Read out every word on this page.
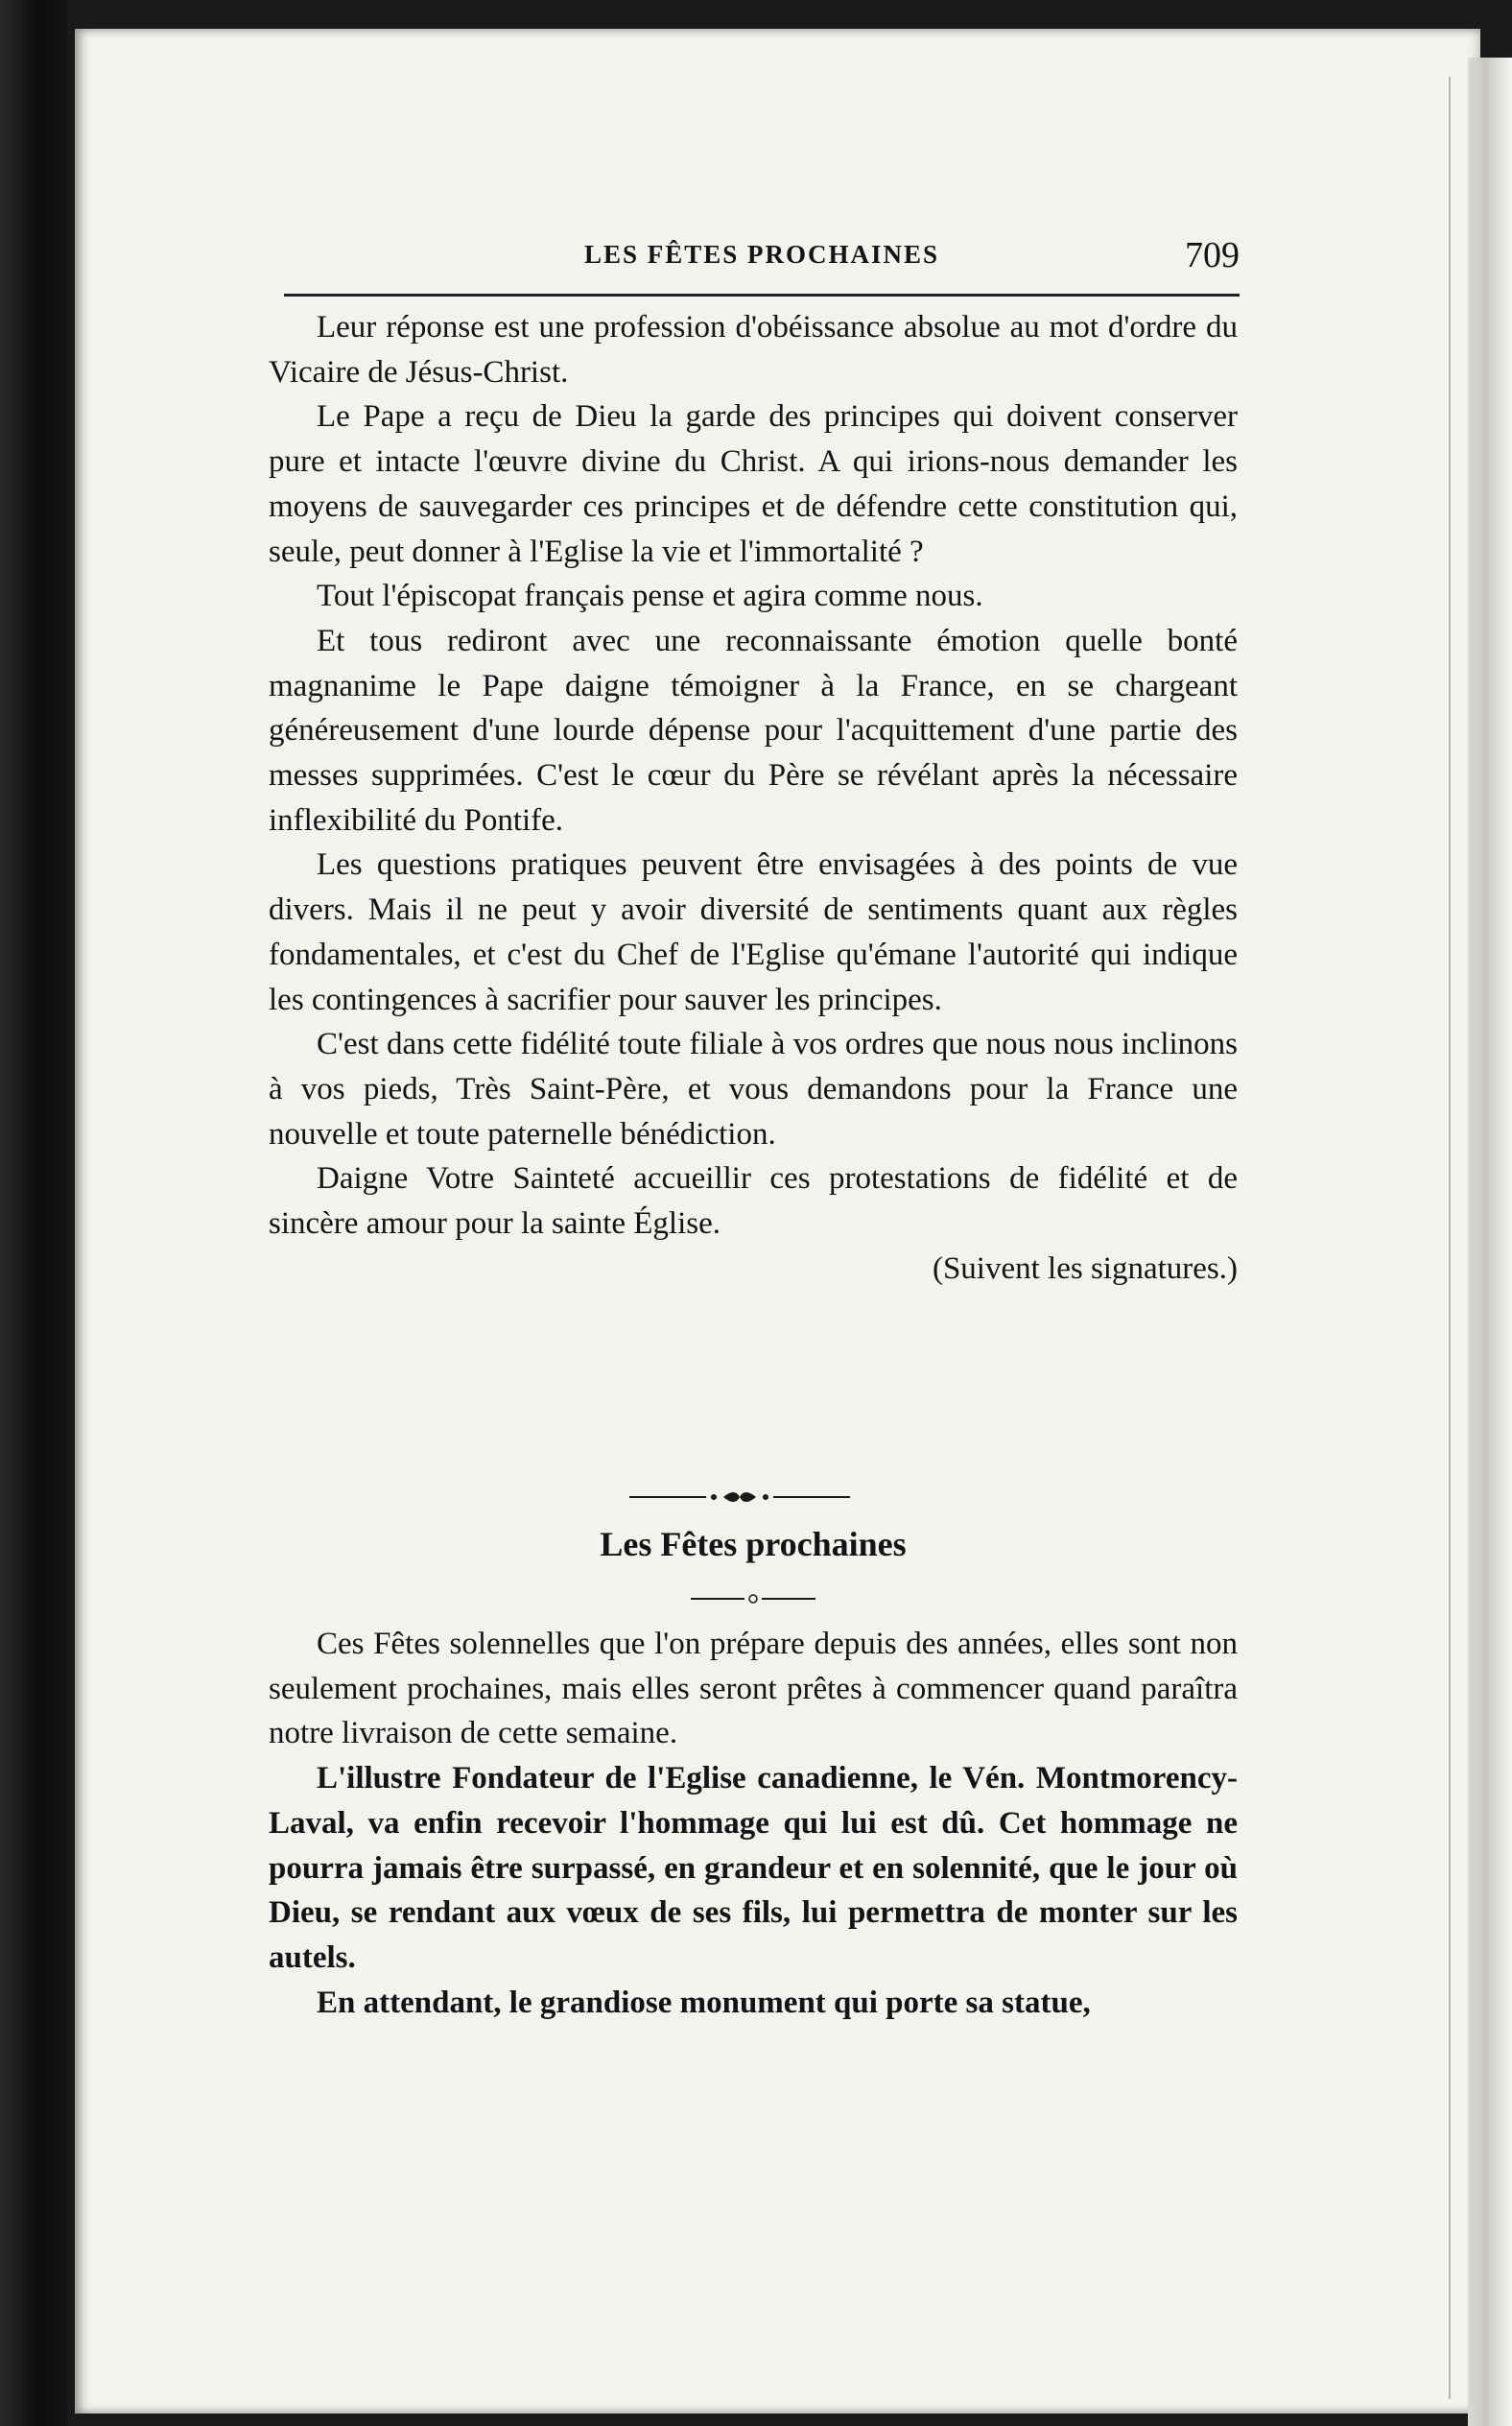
LES FÊTES PROCHAINES	709

Leur réponse est une profession d'obéissance absolue au mot d'ordre du Vicaire de Jésus-Christ.

Le Pape a reçu de Dieu la garde des principes qui doivent conserver pure et intacte l'œuvre divine du Christ. A qui irions-nous demander les moyens de sauvegarder ces principes et de défendre cette constitution qui, seule, peut donner à l'Eglise la vie et l'immortalité ?

Tout l'épiscopat français pense et agira comme nous.

Et tous rediront avec une reconnaissante émotion quelle bonté magnanime le Pape daigne témoigner à la France, en se chargeant généreusement d'une lourde dépense pour l'acquittement d'une partie des messes supprimées. C'est le cœur du Père se révélant après la nécessaire inflexibilité du Pontife.

Les questions pratiques peuvent être envisagées à des points de vue divers. Mais il ne peut y avoir diversité de sentiments quant aux règles fondamentales, et c'est du Chef de l'Eglise qu'émane l'autorité qui indique les contingences à sacrifier pour sauver les principes.

C'est dans cette fidélité toute filiale à vos ordres que nous nous inclinons à vos pieds, Très Saint-Père, et vous demandons pour la France une nouvelle et toute paternelle bénédiction.

Daigne Votre Sainteté accueillir ces protestations de fidélité et de sincère amour pour la sainte Église.

(Suivent les signatures.)

Les Fêtes prochaines

Ces Fêtes solennelles que l'on prépare depuis des années, elles sont non seulement prochaines, mais elles seront prêtes à commencer quand paraîtra notre livraison de cette semaine.

L'illustre Fondateur de l'Eglise canadienne, le Vén. Montmorency-Laval, va enfin recevoir l'hommage qui lui est dû. Cet hommage ne pourra jamais être surpassé, en grandeur et en solennité, que le jour où Dieu, se rendant aux vœux de ses fils, lui permettra de monter sur les autels.

En attendant, le grandiose monument qui porte sa statue,
